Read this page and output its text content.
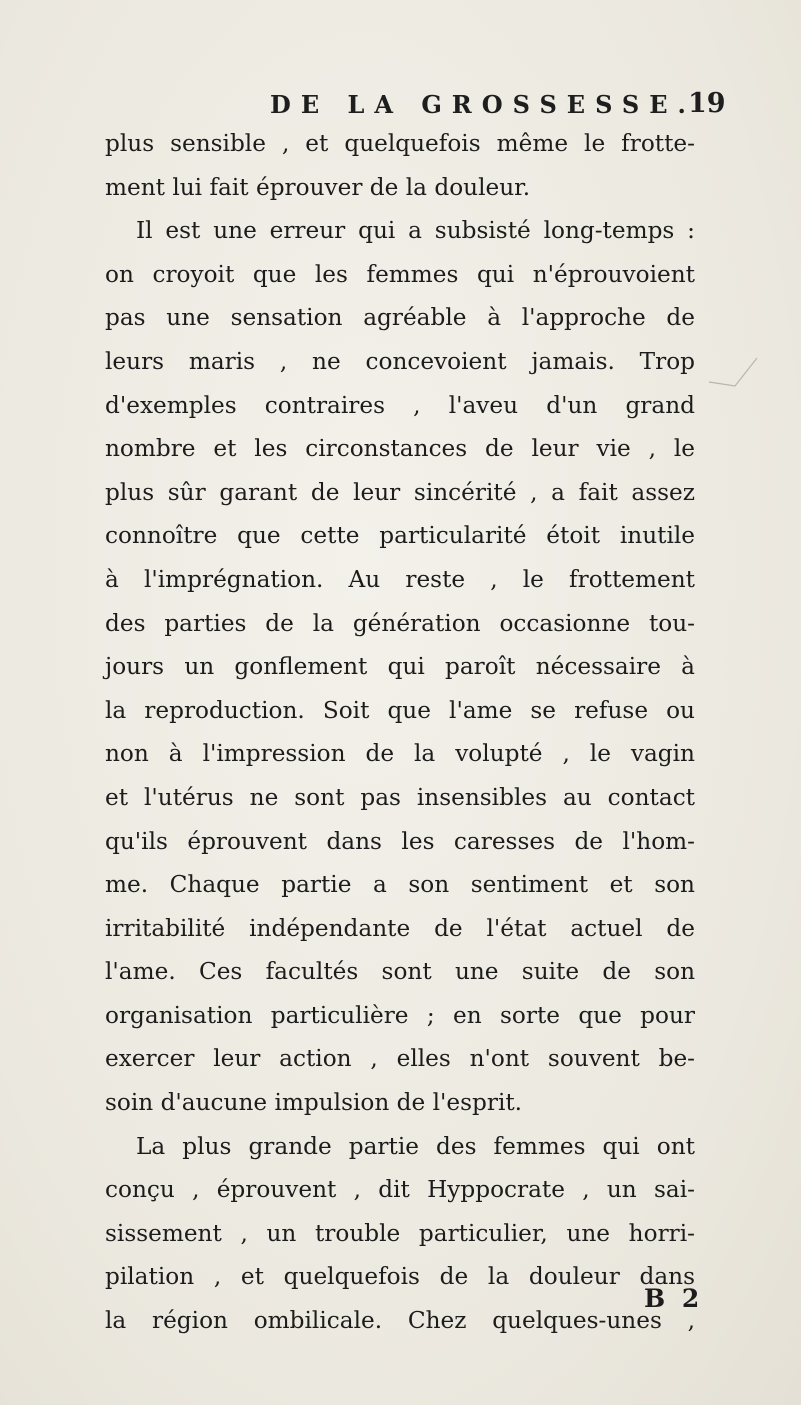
DE LA GROSSESSE.
19
plus sensible , et quelquefois même le frotte-
ment lui fait éprouver de la douleur.
Il est une erreur qui a subsisté long-temps :
on croyoit que les femmes qui n'éprouvoient
pas une sensation agréable à l'approche de
leurs maris , ne concevoient jamais. Trop
d'exemples contraires , l'aveu d'un grand
nombre et les circonstances de leur vie , le
plus sûr garant de leur sincérité , a fait assez
connoître que cette particularité étoit inutile
à l'imprégnation. Au reste , le frottement
des parties de la génération occasionne tou-
jours un gonflement qui paroît nécessaire à
la reproduction. Soit que l'ame se refuse ou
non à l'impression de la volupté , le vagin
et l'utérus ne sont pas insensibles au contact
qu'ils éprouvent dans les caresses de l'hom-
me. Chaque partie a son sentiment et son
irritabilité indépendante de l'état actuel de
l'ame. Ces facultés sont une suite de son
organisation particulière ; en sorte que pour
exercer leur action , elles n'ont souvent be-
soin d'aucune impulsion de l'esprit.
La plus grande partie des femmes qui ont
conçu , éprouvent , dit Hyppocrate , un sai-
sissement , un trouble particulier, une horri-
pilation , et quelquefois de la douleur dans
la région ombilicale. Chez quelques-unes ,
B 2
